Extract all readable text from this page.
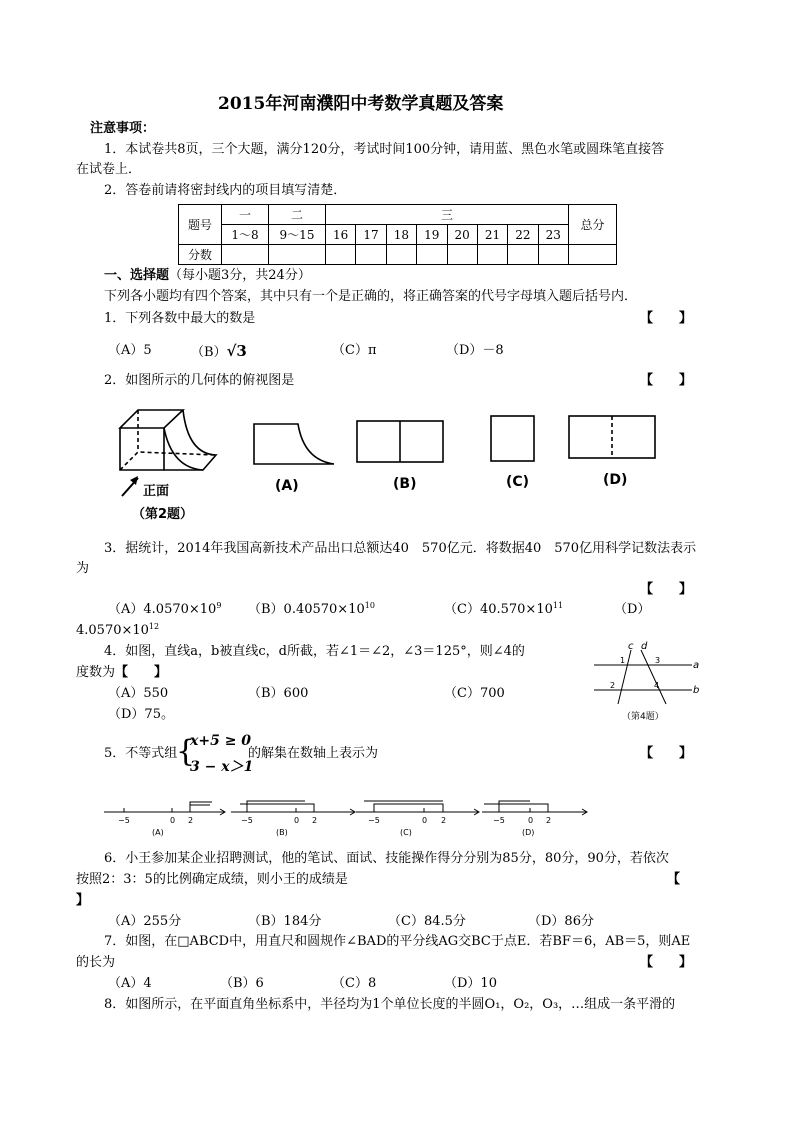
2015年河南濮阳中考数学真题及答案
注意事项：
1．本试卷共8页，三个大题，满分120分，考试时间100分钟，请用蓝、黑色水笔或圆珠笔直接答
在试卷上．
2．答卷前请将密封线内的项目填写清楚．
题号	一	二	三								总分
	1～8	9～15	16	17	18	19	20	21	22	23	
分数											
一、选择题（每小题3分，共24分）
下列各小题均有四个答案，其中只有一个是正确的，将正确答案的代号字母填入题后括号内．
1．下列各数中最大的数是	【　　】
（A）5	（B）√3	（C）π	（D）－8
2．如图所示的几何体的俯视图是	【　　】
正面
（第2题）
(A)	(B)	(C)	(D)
3．据统计，2014年我国高新技术产品出口总额达40　570亿元．将数据40　570亿用科学记数法表示
为
【　　】
$(A)4.0570\times 10^9$ $(B)0.40570\times 10^{10}$	$(C)40.570\times 10^{11}$	（D）
$4.0570\times 10^{12}$
4．如图，直线a，b被直线c，d所截，若∠1＝∠2，∠3＝125°，则∠4的
度数为【　　】
（A）550	（B）600	（C）700
（D）75。
c d
a
b
1
2
3
4
（第4题）
5．不等式组
{
x+5 ≥ 0
3 − x＞1
的解集在数轴上表示为	【　　】
−5	0 2	−5	0 2	−5	0 2	−5	0 2
(A)	(B)	(C)	(D)
6．小王参加某企业招聘测试，他的笔试、面试、技能操作得分分别为85分，80分，90分，若依次
按照2：3：5的比例确定成绩，则小王的成绩是	【
】
（A）255分	（B）184分	（C）84.5分	（D）86分
7．如图，在□ABCD中，用直尺和圆规作∠BAD的平分线AG交BC于点E．若BF＝6，AB＝5，则AE
的长为	【　　】
（A）4	（B）6	（C）8	（D）10
8．如图所示，在平面直角坐标系中，半径均为1个单位长度的半圆O₁，O₂，O₃，…组成一条平滑的
